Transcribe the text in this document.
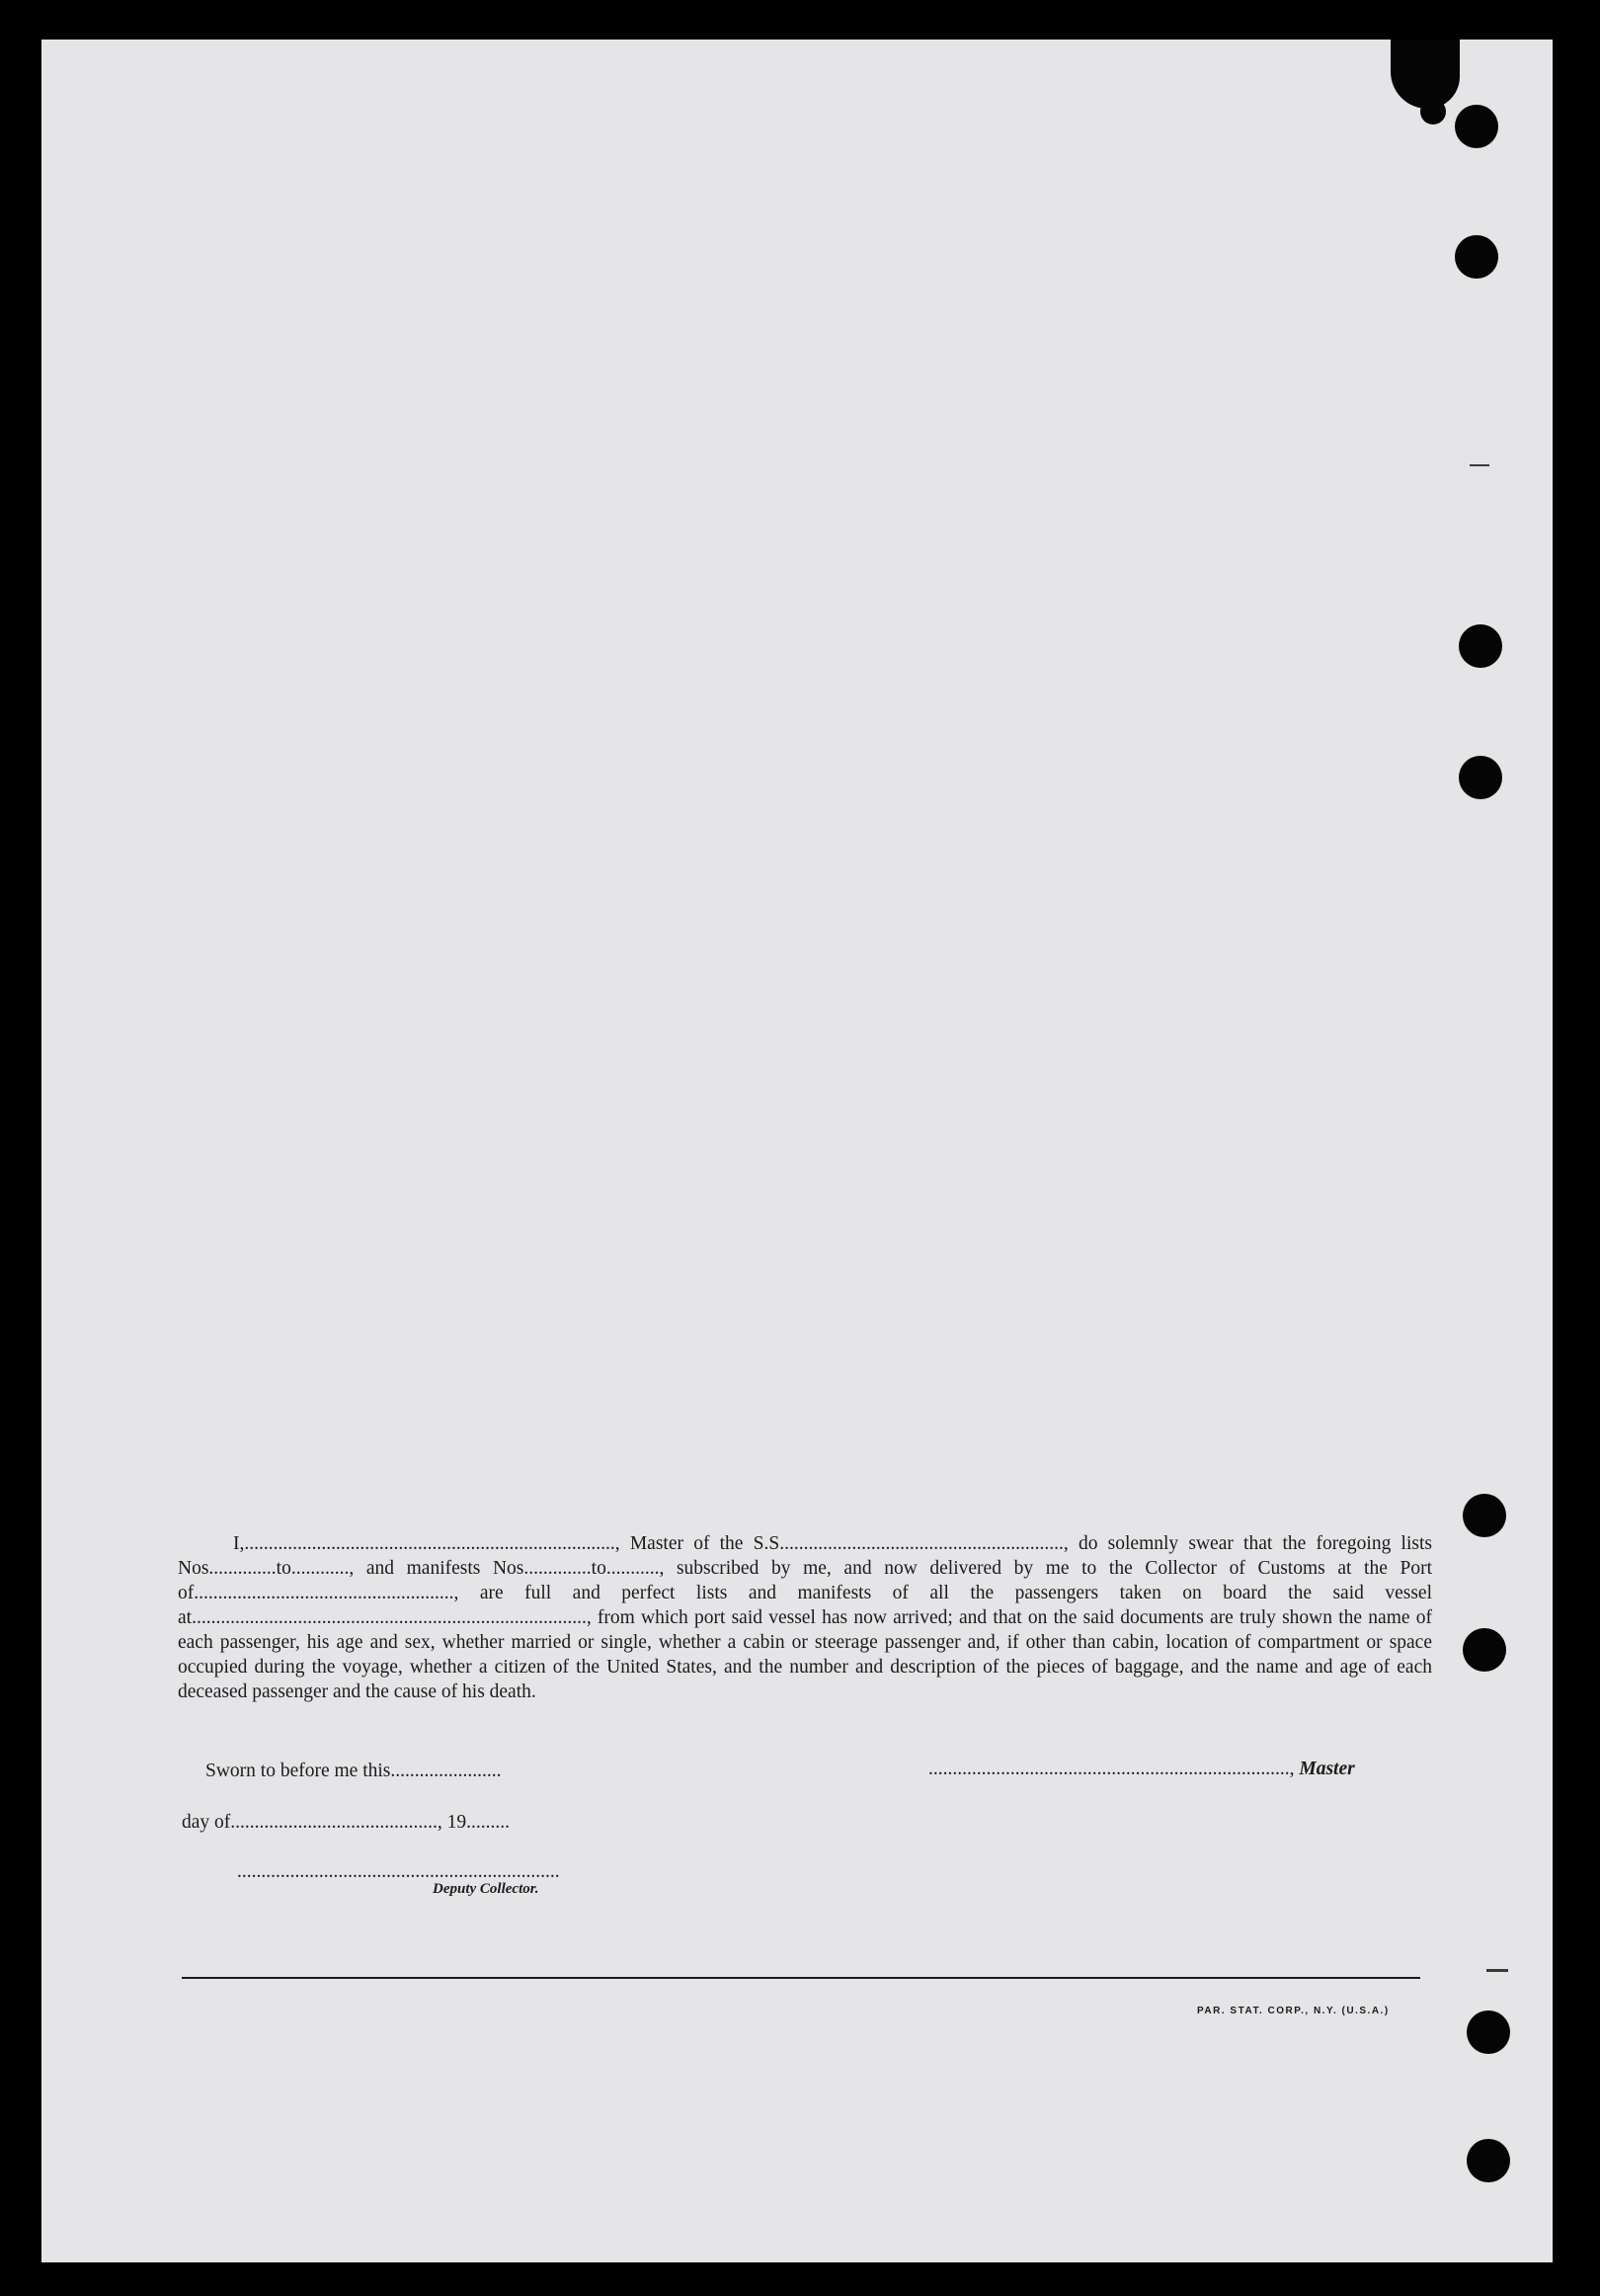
I,............................................................................., Master of the S.S..........................................................., do solemnly swear that the foregoing lists Nos..............to............, and manifests Nos..............to..........., subscribed by me, and now delivered by me to the Collector of Customs at the Port of......................................................, are full and perfect lists and manifests of all the passengers taken on board the said vessel at.................................................................................., from which port said vessel has now arrived; and that on the said documents are truly shown the name of each passenger, his age and sex, whether married or single, whether a cabin or steerage passenger and, if other than cabin, location of compartment or space occupied during the voyage, whether a citizen of the United States, and the number and description of the pieces of baggage, and the name and age of each deceased passenger and the cause of his death.

Sworn to before me this.......................	..........................................................................., Master
day of..........................................., 19.........
...................................................................
Deputy Collector.
PAR. STAT. CORP., N.Y. (U.S.A.)
